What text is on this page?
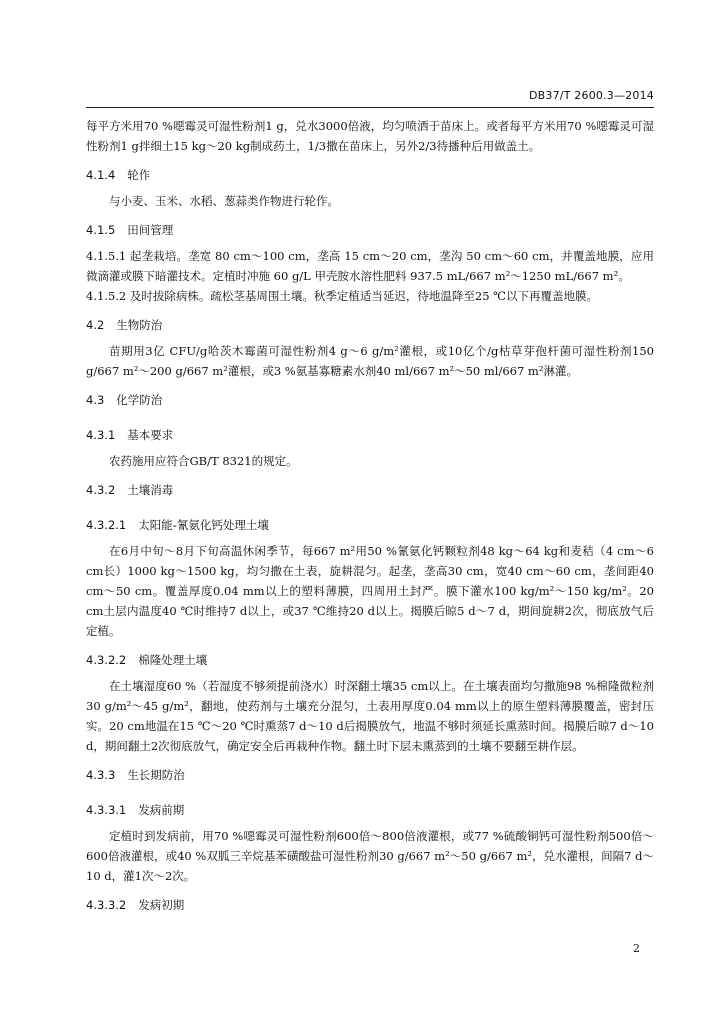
DB37/T 2600.3—2014

每平方米用70 %噁霉灵可湿性粉剂1 g，兑水3000倍液，均匀喷洒于苗床上。或者每平方米用70 %噁霉灵可湿性粉剂1 g拌细土15 kg～20 kg制成药土，1/3撒在苗床上，另外2/3待播种后用做盖土。

4.1.4 轮作

与小麦、玉米、水稻、葱蒜类作物进行轮作。

4.1.5 田间管理

4.1.5.1 起垄栽培。垄宽 80 cm～100 cm，垄高 15 cm～20 cm，垄沟 50 cm～60 cm，并覆盖地膜，应用微滴灌或膜下暗灌技术。定植时冲施 60 g/L 甲壳胺水溶性肥料 937.5 mL/667 m²～1250 mL/667 m²。

4.1.5.2 及时拔除病株。疏松茎基周围土壤。秋季定植适当延迟，待地温降至25 ℃以下再覆盖地膜。

4.2 生物防治

苗期用3亿 CFU/g哈茨木霉菌可湿性粉剂4 g～6 g/m²灌根，或10亿个/g枯草芽孢杆菌可湿性粉剂150 g/667 m²～200 g/667 m²灌根，或3 %氨基寡糖素水剂40 ml/667 m²～50 ml/667 m²淋灌。

4.3 化学防治

4.3.1 基本要求

农药施用应符合GB/T 8321的规定。

4.3.2 土壤消毒

4.3.2.1 太阳能-氰氨化钙处理土壤

在6月中旬～8月下旬高温休闲季节，每667 m²用50 %氰氨化钙颗粒剂48 kg～64 kg和麦秸（4 cm～6 cm长）1000 kg～1500 kg，均匀撒在土表，旋耕混匀。起垄，垄高30 cm，宽40 cm～60 cm，垄间距40 cm～50 cm。覆盖厚度0.04 mm以上的塑料薄膜，四周用土封严。膜下灌水100 kg/m²～150 kg/m²。20 cm土层内温度40 ℃时维持7 d以上，或37 ℃维持20 d以上。揭膜后晾5 d～7 d，期间旋耕2次，彻底放气后定植。

4.3.2.2 棉隆处理土壤

在土壤湿度60 %（若湿度不够须提前浇水）时深翻土壤35 cm以上。在土壤表面均匀撒施98 %棉隆微粒剂30 g/m²～45 g/m²，翻地，使药剂与土壤充分混匀，土表用厚度0.04 mm以上的原生塑料薄膜覆盖，密封压实。20 cm地温在15 ℃～20 ℃时熏蒸7 d～10 d后揭膜放气，地温不够时须延长熏蒸时间。揭膜后晾7 d～10 d，期间翻土2次彻底放气，确定安全后再栽种作物。翻土时下层未熏蒸到的土壤不要翻至耕作层。

4.3.3 生长期防治

4.3.3.1 发病前期

定植时到发病前，用70 %噁霉灵可湿性粉剂600倍～800倍液灌根，或77 %硫酸铜钙可湿性粉剂500倍～600倍液灌根，或40 %双胍三辛烷基苯磺酸盐可湿性粉剂30 g/667 m²～50 g/667 m²，兑水灌根，间隔7 d～10 d，灌1次～2次。

4.3.3.2 发病初期

2
